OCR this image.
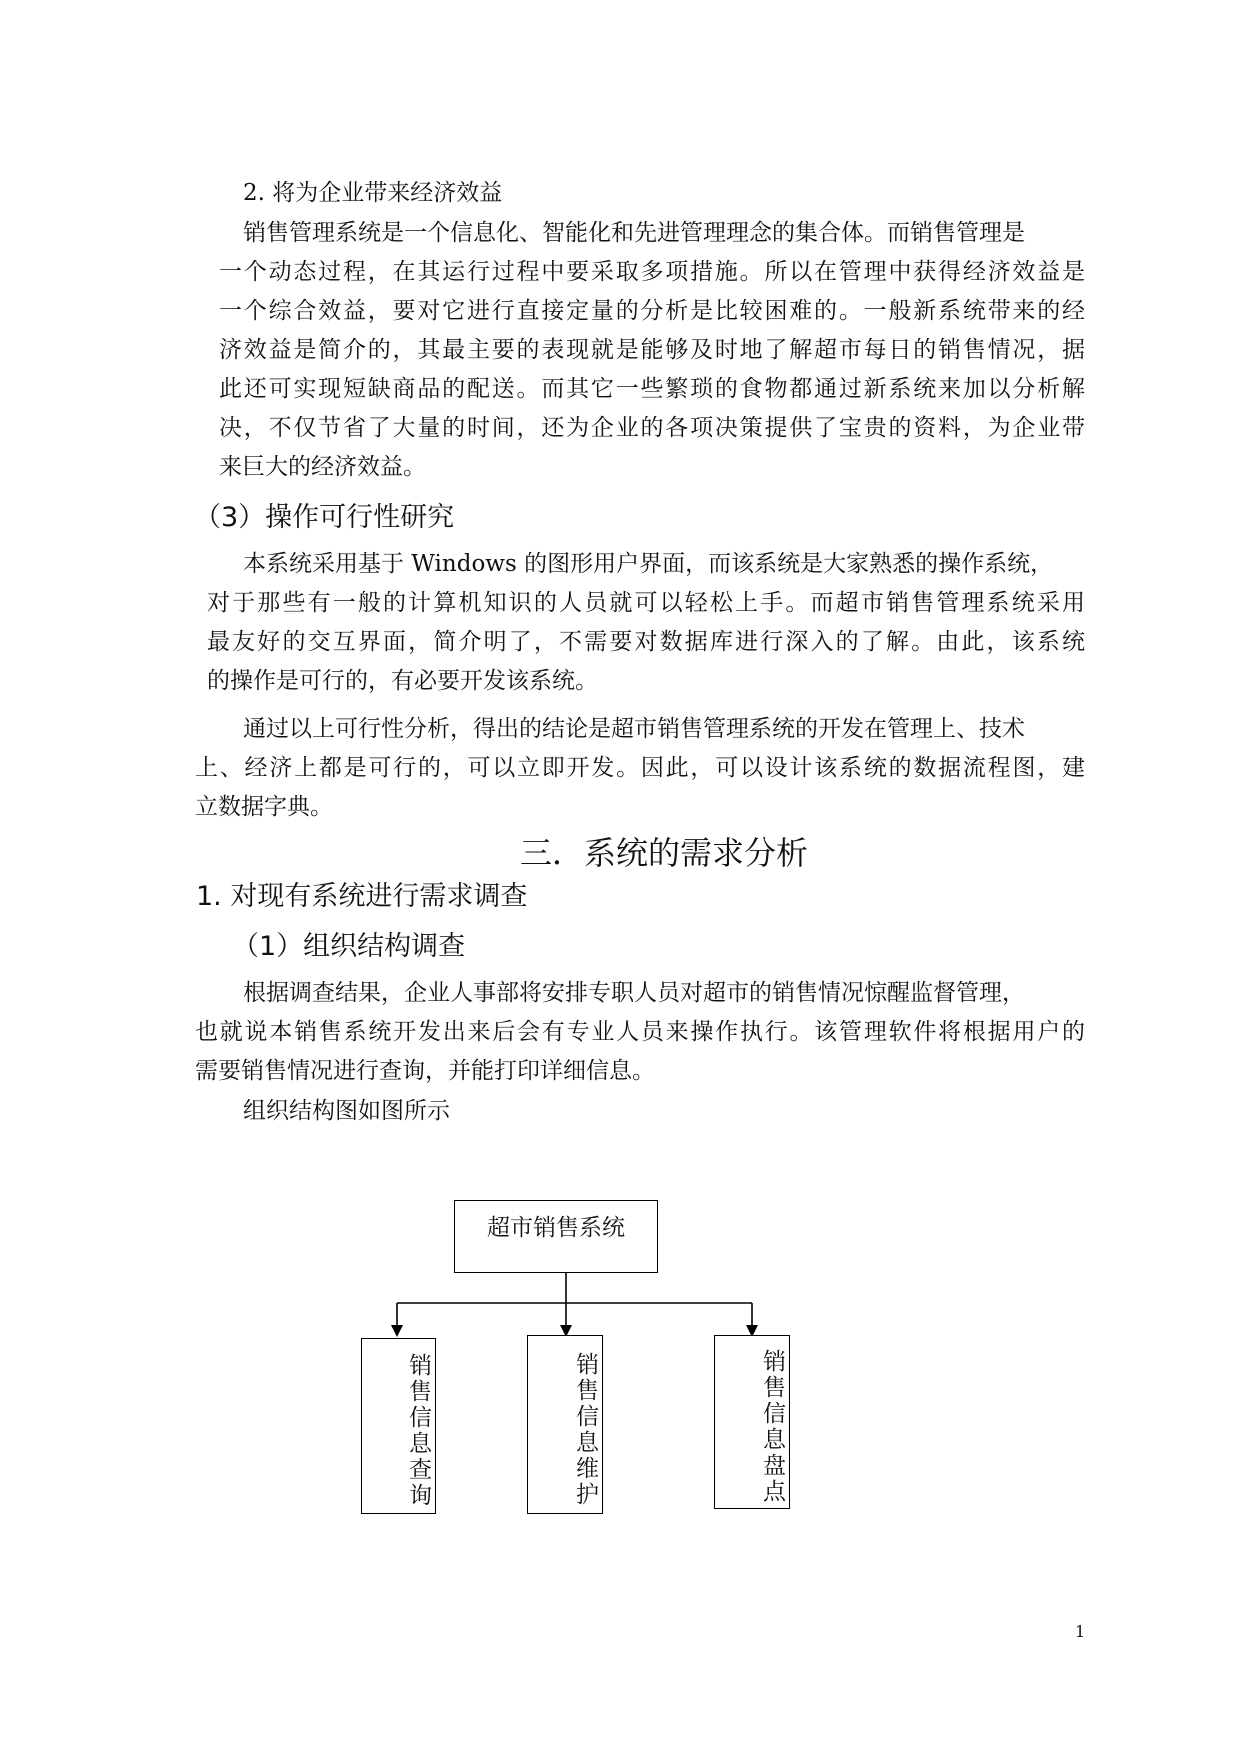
2. 将为企业带来经济效益

销售管理系统是一个信息化、智能化和先进管理理念的集合体。而销售管理是

一个动态过程，在其运行过程中要采取多项措施。所以在管理中获得经济效益是

一个综合效益，要对它进行直接定量的分析是比较困难的。一般新系统带来的经

济效益是简介的，其最主要的表现就是能够及时地了解超市每日的销售情况，据

此还可实现短缺商品的配送。而其它一些繁琐的食物都通过新系统来加以分析解

决，不仅节省了大量的时间，还为企业的各项决策提供了宝贵的资料，为企业带

来巨大的经济效益。

（3）操作可行性研究

本系统采用基于 Windows 的图形用户界面，而该系统是大家熟悉的操作系统，

对于那些有一般的计算机知识的人员就可以轻松上手。而超市销售管理系统采用

最友好的交互界面，简介明了，不需要对数据库进行深入的了解。由此，该系统

的操作是可行的，有必要开发该系统。

通过以上可行性分析，得出的结论是超市销售管理系统的开发在管理上、技术

上、经济上都是可行的，可以立即开发。因此，可以设计该系统的数据流程图，建

立数据字典。

三．系统的需求分析

1. 对现有系统进行需求调查

（1）组织结构调查

根据调查结果，企业人事部将安排专职人员对超市的销售情况惊醒监督管理，

也就说本销售系统开发出来后会有专业人员来操作执行。该管理软件将根据用户的

需要销售情况进行查询，并能打印详细信息。

组织结构图如图所示

超市销售系统
销售信息查询	销售信息维护	销售信息盘点

1
